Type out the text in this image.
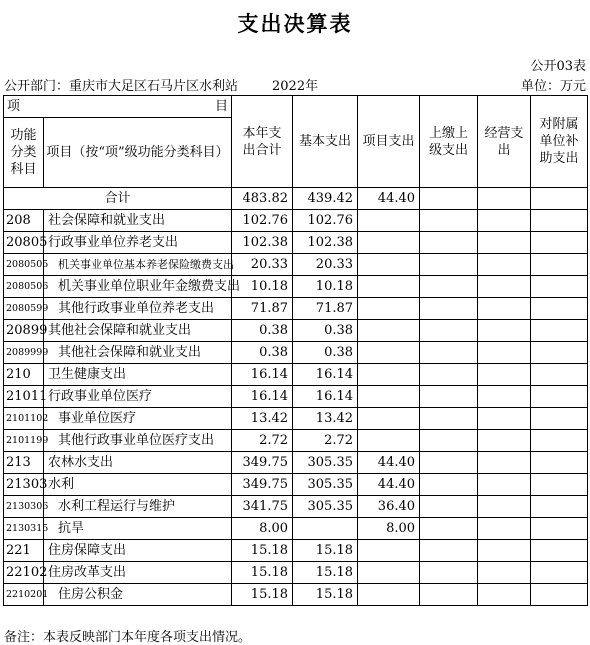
支出决算表
公开03表
公开部门：重庆市大足区石马片区水利站	2022年	单位：万元
项 目		本年支出合计	基本支出	项目支出	上缴上级支出	经营支出	对附属单位补助支出
功能分类科目	项目（按“项”级功能分类科目）						
合计		483.82	439.42	44.40			
208	社会保障和就业支出	102.76	102.76				
20805	行政事业单位养老支出	102.38	102.38				
2080505	机关事业单位基本养老保险缴费支出	20.33	20.33				
2080506	机关事业单位职业年金缴费支出	10.18	10.18				
2080599	其他行政事业单位养老支出	71.87	71.87				
20899	其他社会保障和就业支出	0.38	0.38				
2089999	其他社会保障和就业支出	0.38	0.38				
210	卫生健康支出	16.14	16.14				
21011	行政事业单位医疗	16.14	16.14				
2101102	事业单位医疗	13.42	13.42				
2101199	其他行政事业单位医疗支出	2.72	2.72				
213	农林水支出	349.75	305.35	44.40			
21303	水利	349.75	305.35	44.40			
2130306	水利工程运行与维护	341.75	305.35	36.40			
2130315	抗旱	8.00		8.00			
221	住房保障支出	15.18	15.18				
22102	住房改革支出	15.18	15.18				
2210201	住房公积金	15.18	15.18				
备注：本表反映部门本年度各项支出情况。
